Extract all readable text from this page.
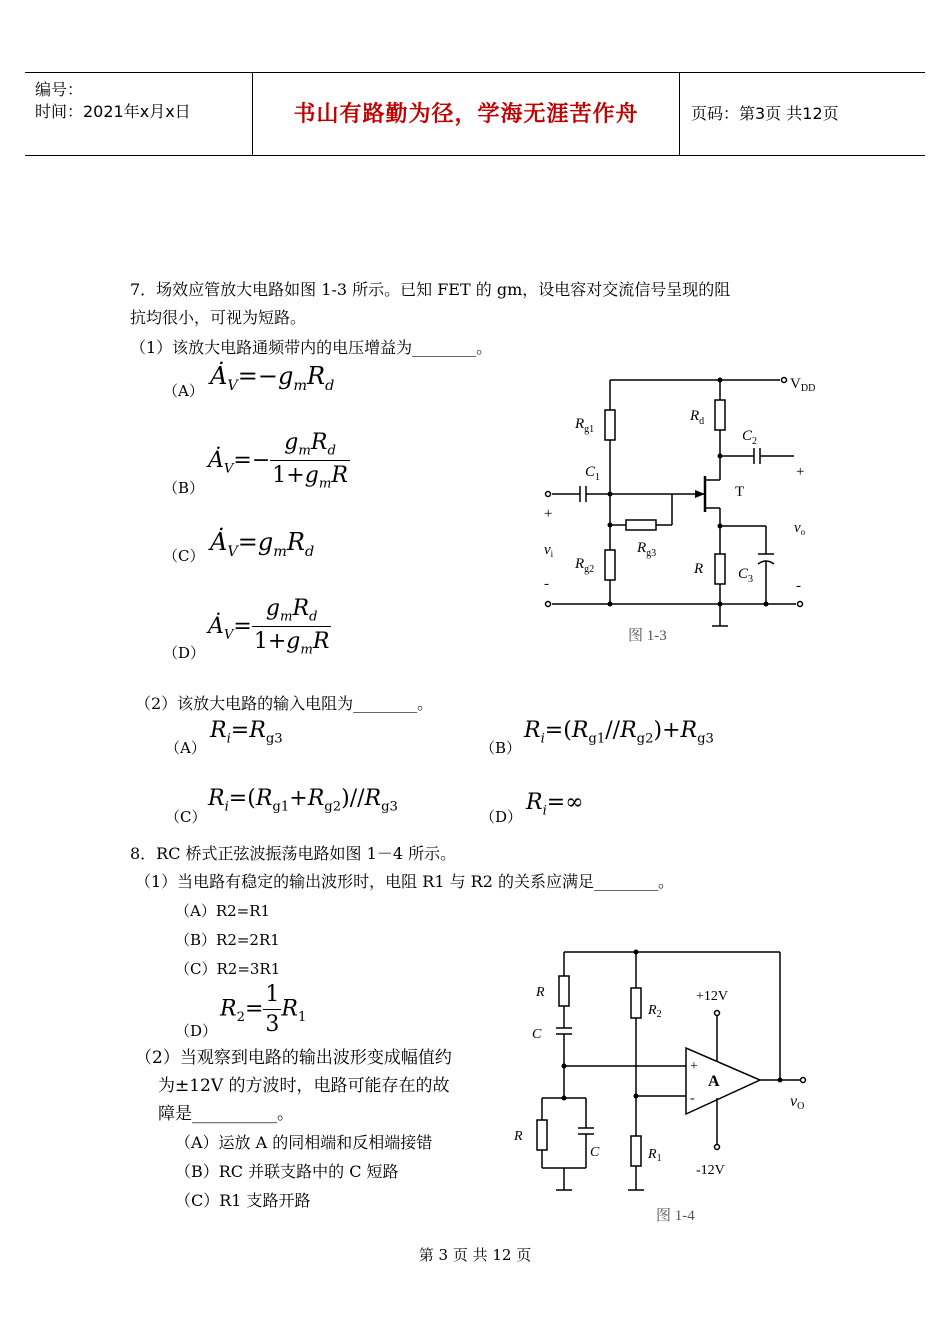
编号：
时间：2021年x月x日	书山有路勤为径，学海无涯苦作舟	页码：第3页 共12页
7．场效应管放大电路如图 1-3 所示。已知 FET 的 gm，设电容对交流信号呈现的阻
抗均很小，可视为短路。
（1）该放大电路通频带内的电压增益为________。
（A）
$Ȧ_V=-g_mR_d$
（B）
$Ȧ_V=- \frac{g_mR_d}{1+g_mR}$
（C） $Ȧ_V=g_mR_d$
（D）
$Ȧ_V= \frac{g_mR_d}{1+g_mR}$
$V_{DD}$
$R_{g1}$
$R_d$
$C_2$
$C_1$
T
$R_{g3}$
$R_{g2}$	R $C_3$
+
$v_i$
-
+
$v_o$
-
图 1-3
（2）该放大电路的输入电阻为________。
（A）
$R_i=R_{g3}$
（B）
$R_i=(R_{g1}//R_{g2})+R_{g3}$
（C）
$R_i=(R_{g1}+R_{g2})//R_{g3}$
（D）
$R_i=\infty$
8．RC 桥式正弦波振荡电路如图 1－4 所示。
（1）当电路有稳定的输出波形时，电阻 R1 与 R2 的关系应满足________。
（A）R2=R1
（B）R2=2R1
（C）R2=3R1
（D）
$R_2= \frac{1}{3} R_1$
（2）当观察到电路的输出波形变成幅值约
为±12V 的方波时，电路可能存在的故
障是__________。
（A）运放 A 的同相端和反相端接错
（B）RC 并联支路中的 C 短路
（C）R1 支路开路
R
C
R
C
$R_2$
$R_1$
+12V
-12V
A
+
-	vO
图 1-4
第 3 页 共 12 页
